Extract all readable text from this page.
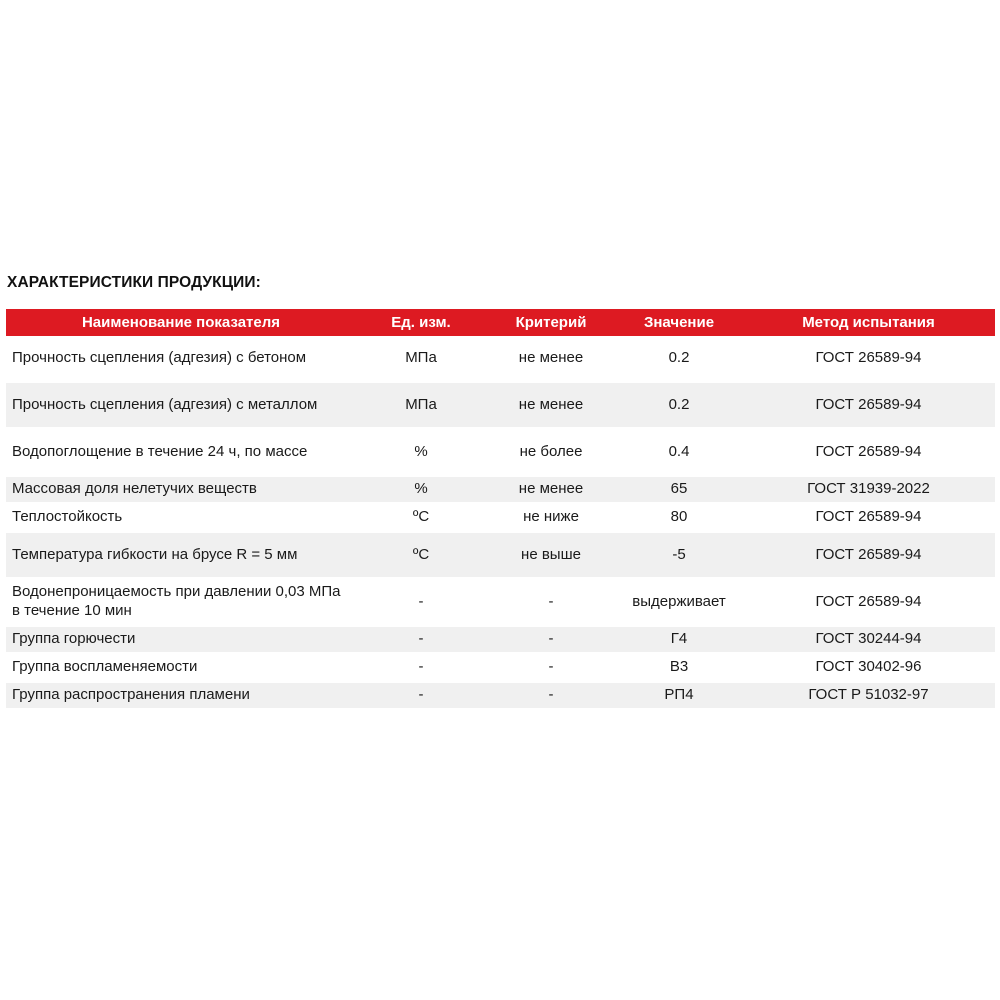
ХАРАКТЕРИСТИКИ ПРОДУКЦИИ:
Наименование показателя	Ед. изм.	Критерий	Значение	Метод испытания
Прочность сцепления (адгезия) с бетоном	МПа	не менее	0.2	ГОСТ 26589-94
Прочность сцепления (адгезия) с металлом	МПа	не менее	0.2	ГОСТ 26589-94
Водопоглощение в течение 24 ч, по массе	%	не более	0.4	ГОСТ 26589-94
Массовая доля нелетучих веществ	%	не менее	65	ГОСТ 31939-2022
Теплостойкость	ºС	не ниже	80	ГОСТ 26589-94
Температура гибкости на брусе R = 5 мм	ºС	не выше	-5	ГОСТ 26589-94
Водонепроницаемость при давлении 0,03 МПа в течение 10 мин	-	-	выдерживает	ГОСТ 26589-94
Группа горючести	-	-	Г4	ГОСТ 30244-94
Группа воспламеняемости	-	-	В3	ГОСТ 30402-96
Группа распространения пламени	-	-	РП4	ГОСТ Р 51032-97
